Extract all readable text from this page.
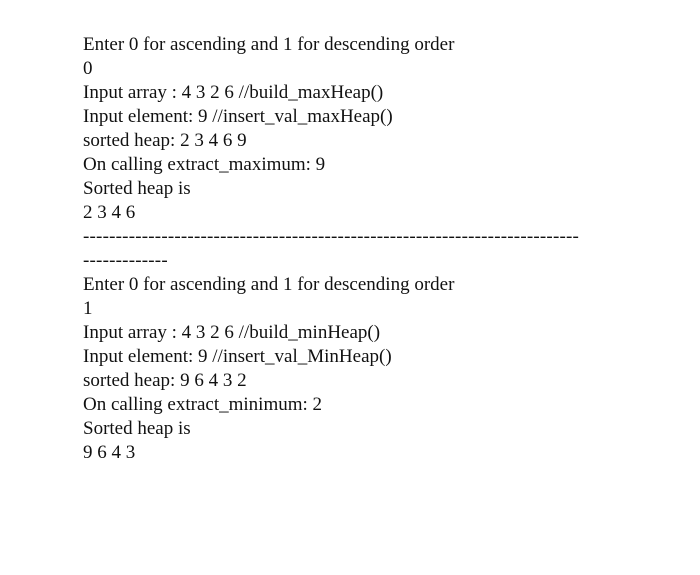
Enter 0 for ascending and 1 for descending order
0
Input array : 4 3 2 6 //build_maxHeap()
Input element: 9 //insert_val_maxHeap()
sorted heap: 2 3 4 6 9
On calling extract_maximum: 9
Sorted heap is
2 3 4 6
----------------------------------------------------------------------------
-------------
Enter 0 for ascending and 1 for descending order
1
Input array : 4 3 2 6 //build_minHeap()
Input element: 9 //insert_val_MinHeap()
sorted heap: 9 6 4 3 2
On calling extract_minimum: 2
Sorted heap is
9 6 4 3
